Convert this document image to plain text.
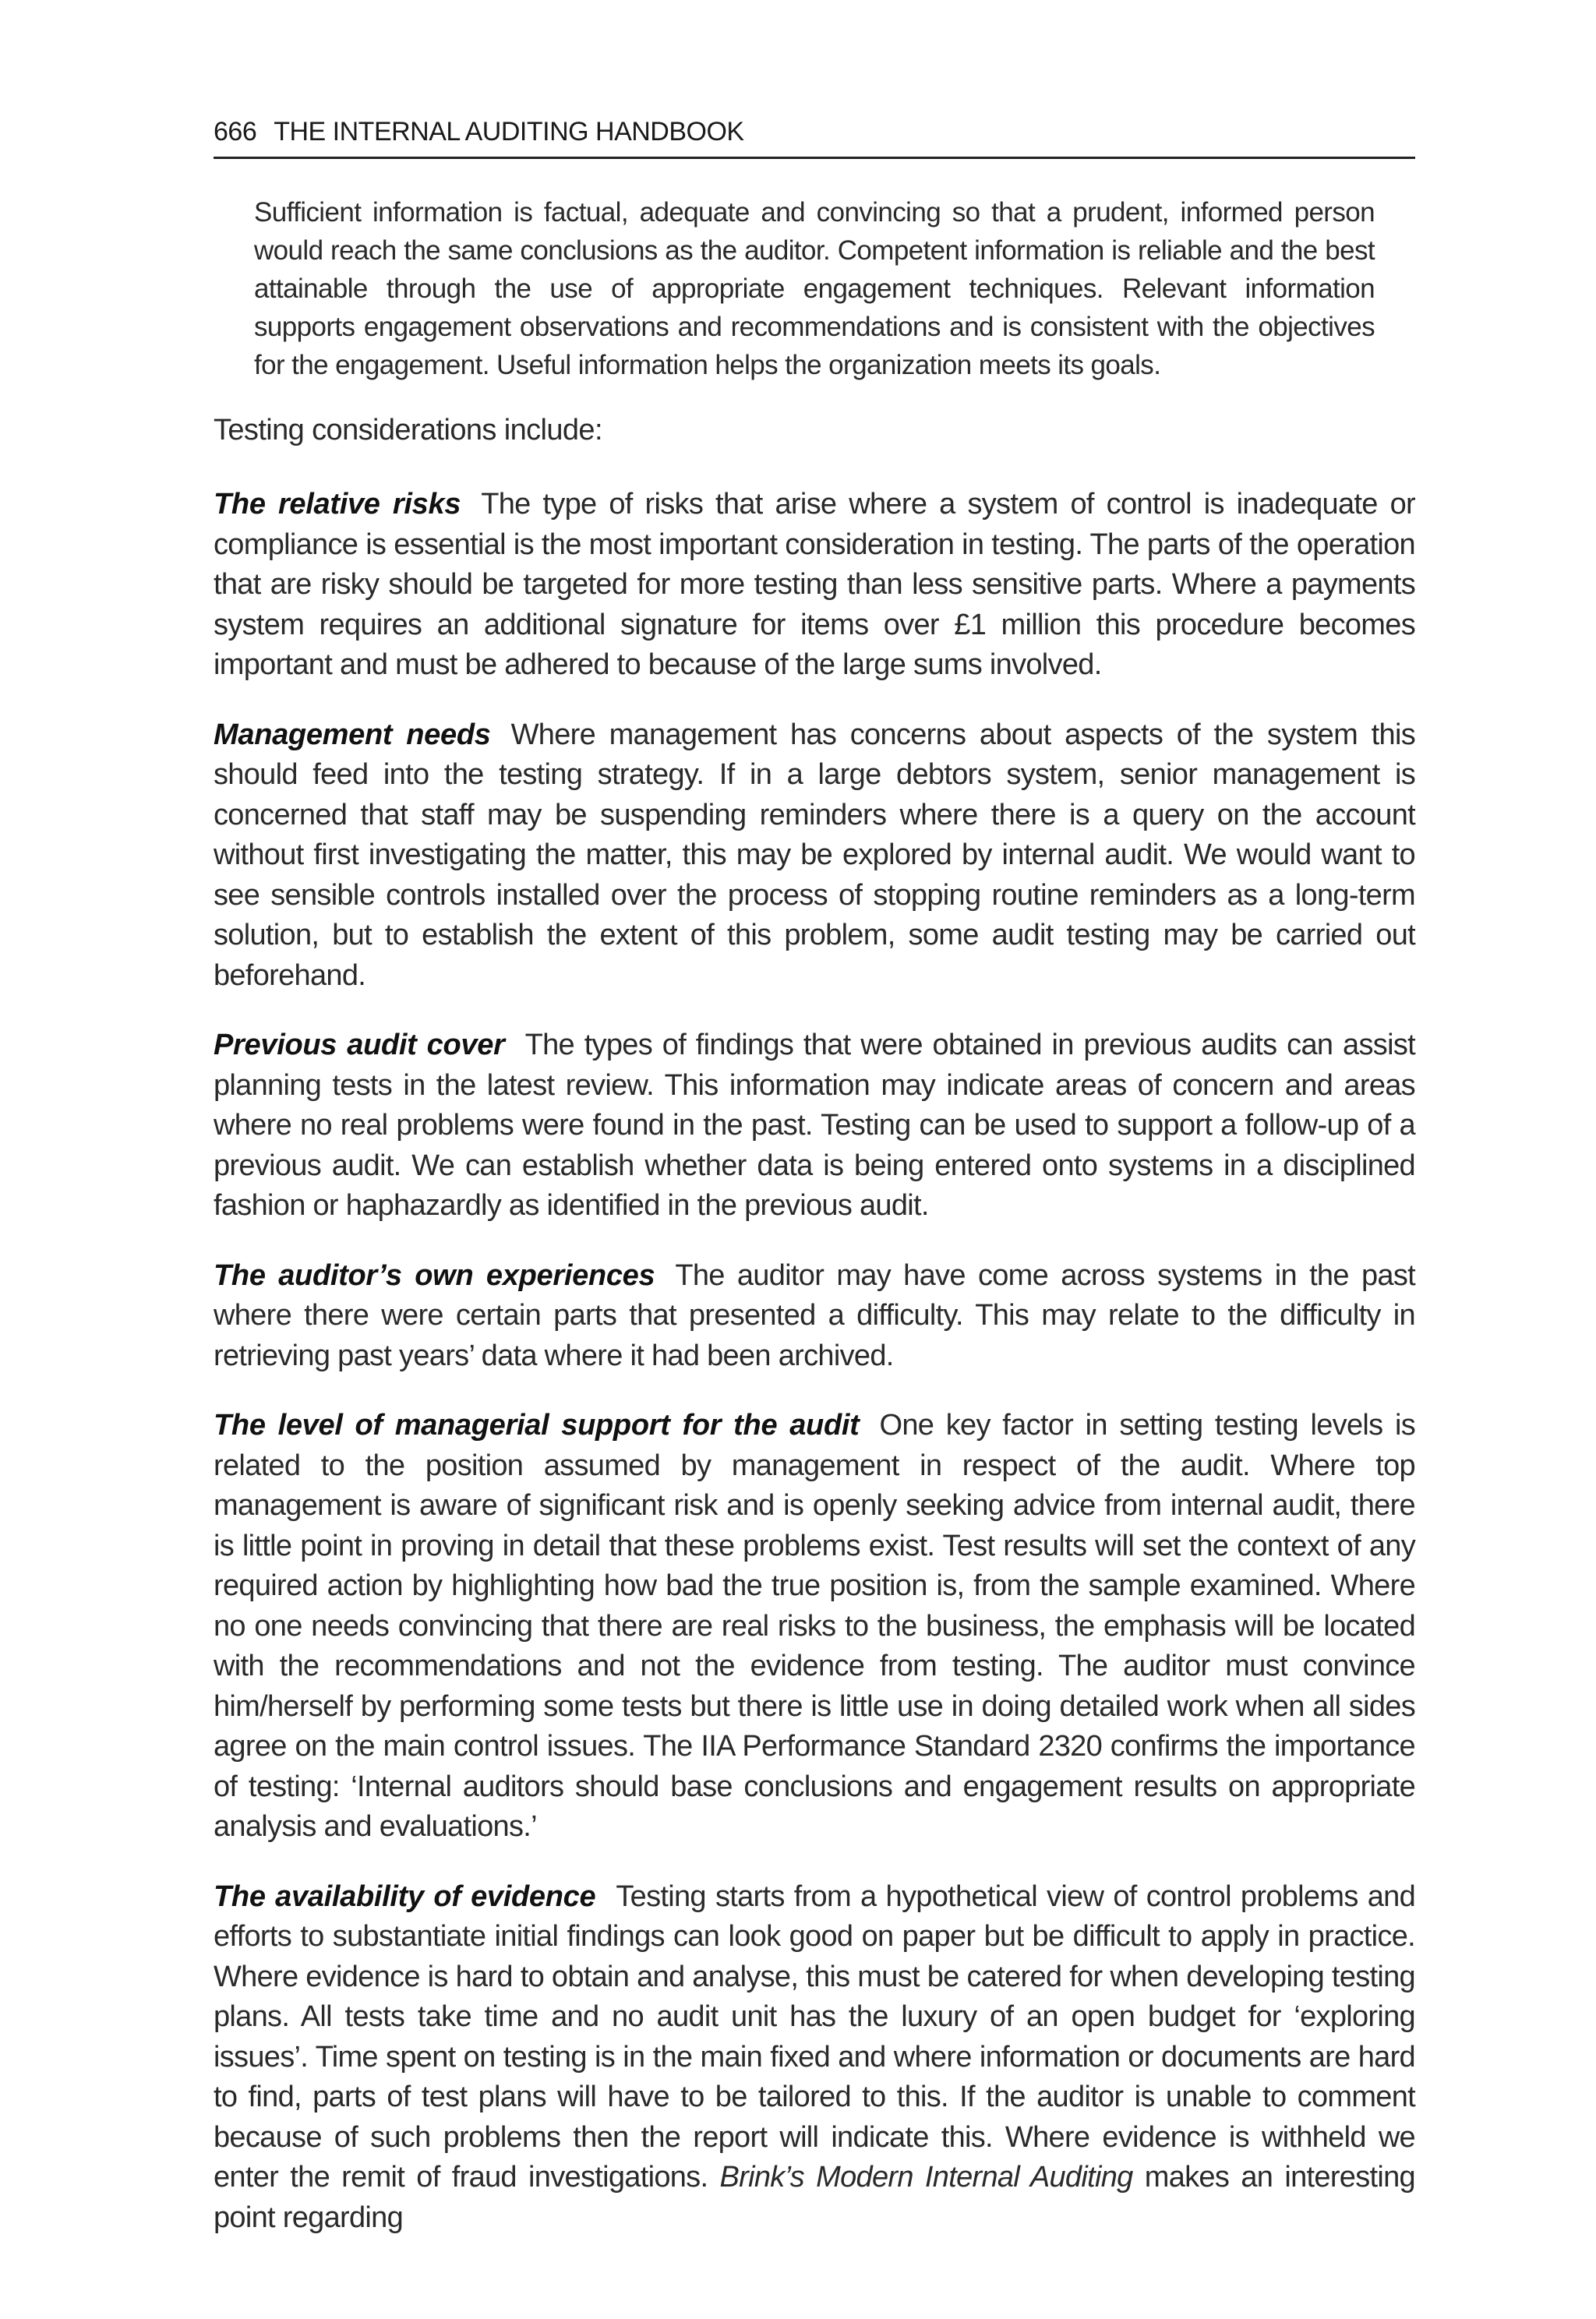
666 THE INTERNAL AUDITING HANDBOOK
Sufficient information is factual, adequate and convincing so that a prudent, informed person would reach the same conclusions as the auditor. Competent information is reliable and the best attainable through the use of appropriate engagement techniques. Relevant information supports engagement observations and recommendations and is consistent with the objectives for the engagement. Useful information helps the organization meets its goals.
Testing considerations include:
The relative risks The type of risks that arise where a system of control is inadequate or compliance is essential is the most important consideration in testing. The parts of the operation that are risky should be targeted for more testing than less sensitive parts. Where a payments system requires an additional signature for items over £1 million this procedure becomes important and must be adhered to because of the large sums involved.
Management needs Where management has concerns about aspects of the system this should feed into the testing strategy. If in a large debtors system, senior management is concerned that staff may be suspending reminders where there is a query on the account without first investigating the matter, this may be explored by internal audit. We would want to see sensible controls installed over the process of stopping routine reminders as a long-term solution, but to establish the extent of this problem, some audit testing may be carried out beforehand.
Previous audit cover The types of findings that were obtained in previous audits can assist planning tests in the latest review. This information may indicate areas of concern and areas where no real problems were found in the past. Testing can be used to support a follow-up of a previous audit. We can establish whether data is being entered onto systems in a disciplined fashion or haphazardly as identified in the previous audit.
The auditor’s own experiences The auditor may have come across systems in the past where there were certain parts that presented a difficulty. This may relate to the difficulty in retrieving past years’ data where it had been archived.
The level of managerial support for the audit One key factor in setting testing levels is related to the position assumed by management in respect of the audit. Where top management is aware of significant risk and is openly seeking advice from internal audit, there is little point in proving in detail that these problems exist. Test results will set the context of any required action by highlighting how bad the true position is, from the sample examined. Where no one needs convincing that there are real risks to the business, the emphasis will be located with the recommendations and not the evidence from testing. The auditor must convince him/herself by performing some tests but there is little use in doing detailed work when all sides agree on the main control issues. The IIA Performance Standard 2320 confirms the importance of testing: ‘Internal auditors should base conclusions and engagement results on appropriate analysis and evaluations.’
The availability of evidence Testing starts from a hypothetical view of control problems and efforts to substantiate initial findings can look good on paper but be difficult to apply in practice. Where evidence is hard to obtain and analyse, this must be catered for when developing testing plans. All tests take time and no audit unit has the luxury of an open budget for ‘exploring issues’. Time spent on testing is in the main fixed and where information or documents are hard to find, parts of test plans will have to be tailored to this. If the auditor is unable to comment because of such problems then the report will indicate this. Where evidence is withheld we enter the remit of fraud investigations. Brink’s Modern Internal Auditing makes an interesting point regarding
